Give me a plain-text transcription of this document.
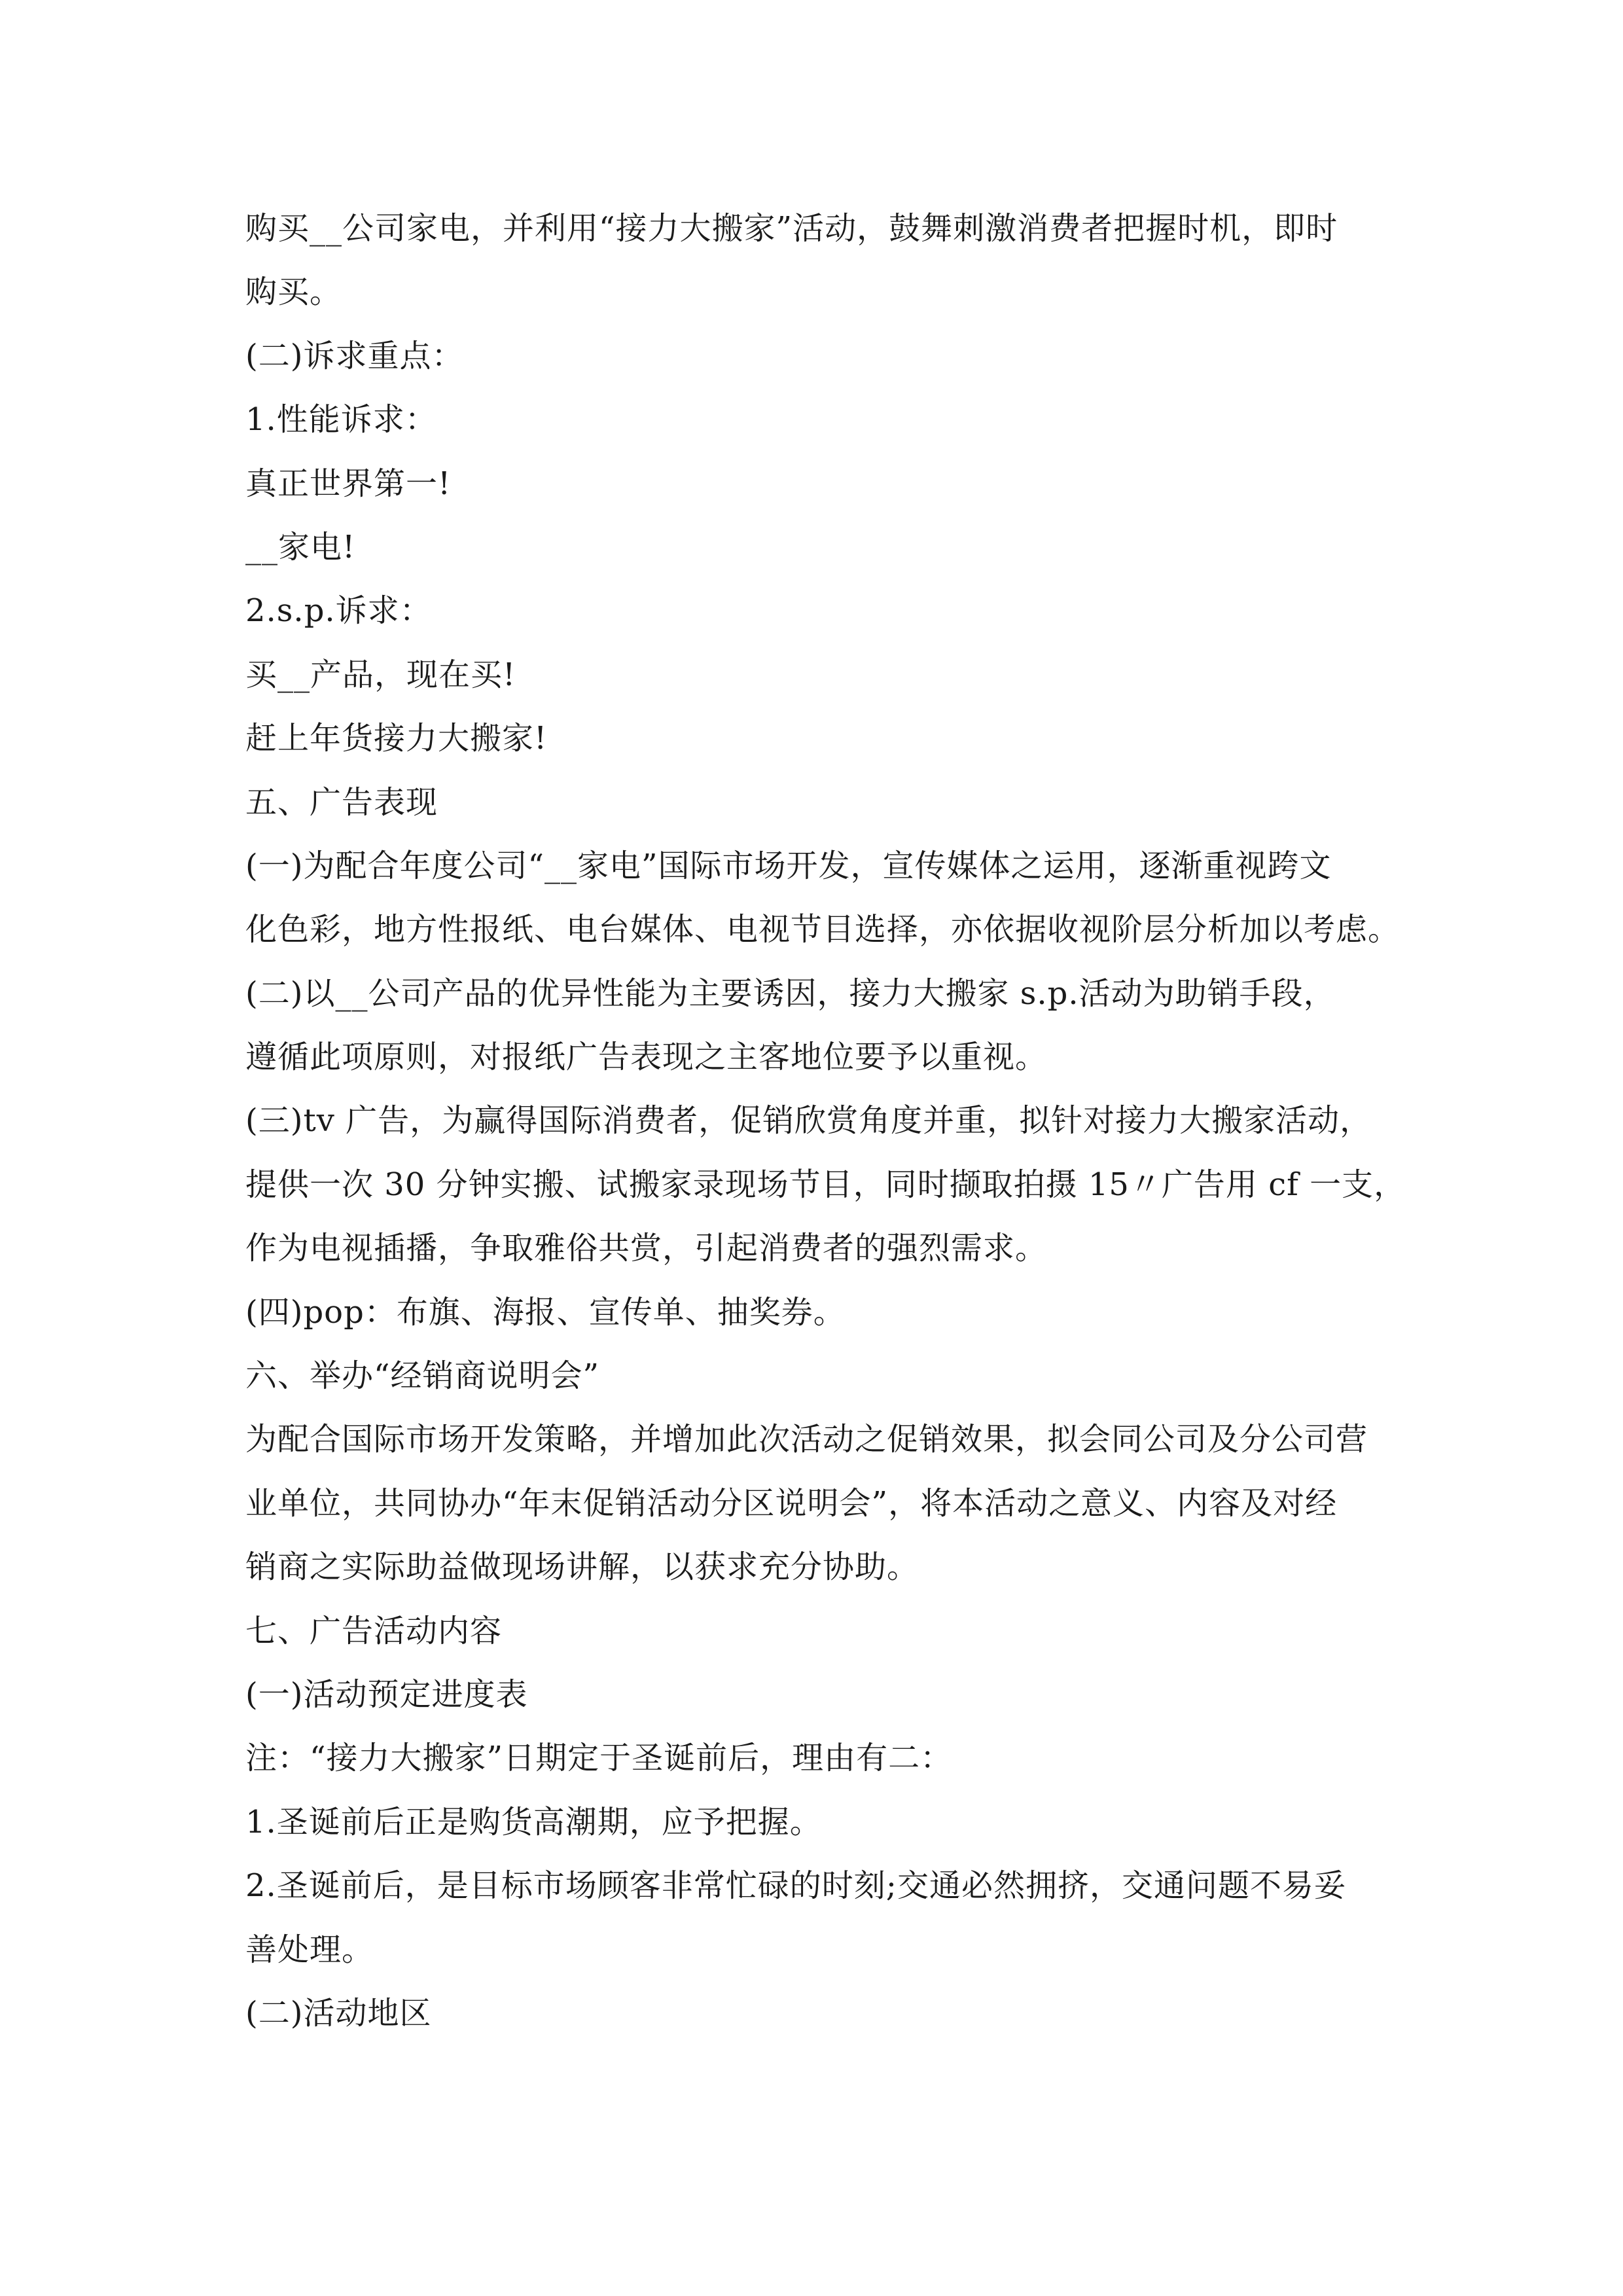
购买__公司家电，并利用“接力大搬家”活动，鼓舞刺激消费者把握时机，即时
购买。
(二)诉求重点：
1.性能诉求：
真正世界第一!
__家电!
2.s.p.诉求：
买__产品，现在买!
赶上年货接力大搬家!
五、广告表现
(一)为配合年度公司“__家电”国际市场开发，宣传媒体之运用，逐渐重视跨文
化色彩，地方性报纸、电台媒体、电视节目选择，亦依据收视阶层分析加以考虑。
(二)以__公司产品的优异性能为主要诱因，接力大搬家 s.p.活动为助销手段，
遵循此项原则，对报纸广告表现之主客地位要予以重视。
(三)tv 广告，为赢得国际消费者，促销欣赏角度并重，拟针对接力大搬家活动，
提供一次 30 分钟实搬、试搬家录现场节目，同时撷取拍摄 15〃广告用 cf 一支，
作为电视插播，争取雅俗共赏，引起消费者的强烈需求。
(四)pop：布旗、海报、宣传单、抽奖券。
六、举办“经销商说明会”
为配合国际市场开发策略，并增加此次活动之促销效果，拟会同公司及分公司营
业单位，共同协办“年末促销活动分区说明会”，将本活动之意义、内容及对经
销商之实际助益做现场讲解，以获求充分协助。
七、广告活动内容
(一)活动预定进度表
注：“接力大搬家”日期定于圣诞前后，理由有二：
1.圣诞前后正是购货高潮期，应予把握。
2.圣诞前后，是目标市场顾客非常忙碌的时刻;交通必然拥挤，交通问题不易妥
善处理。
(二)活动地区
